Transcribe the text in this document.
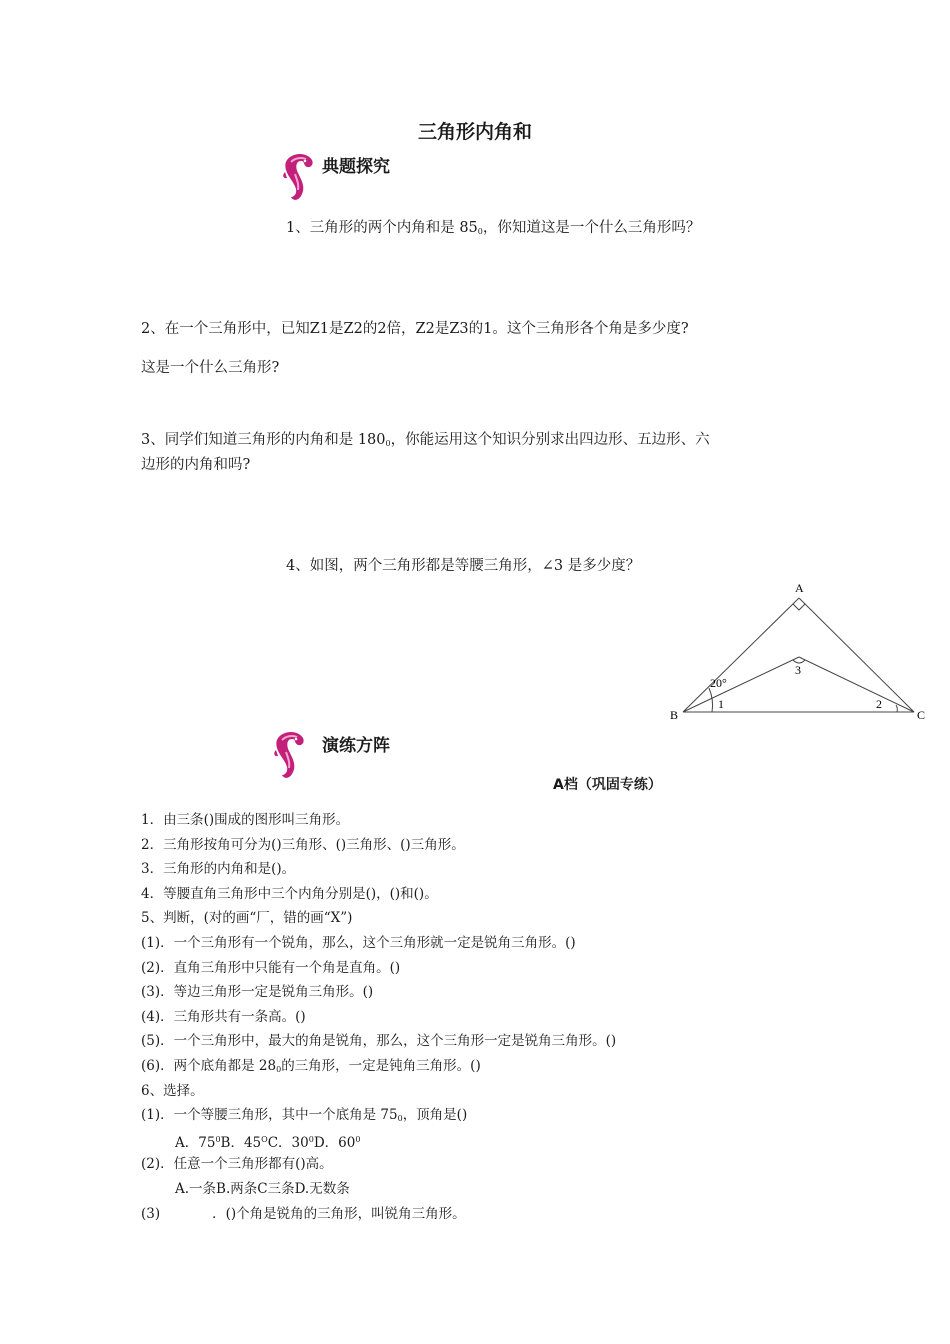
三角形内角和
典题探究
1、三角形的两个内角和是 850，你知道这是一个什么三角形吗？
2、在一个三角形中，已知Z1是Z2的2倍，Z2是Z3的1。这个三角形各个角是多少度?
这是一个什么三角形?
3、同学们知道三角形的内角和是 1800，你能运用这个知识分别求出四边形、五边形、六
边形的内角和吗?
4、如图，两个三角形都是等腰三角形，∠3 是多少度？
A
B	C
3
1	2
20°
演练方阵
A档（巩固专练）
1．由三条()围成的图形叫三角形。
2．三角形按角可分为()三角形、()三角形、()三角形。
3．三角形的内角和是()。
4．等腰直角三角形中三个内角分别是()，()和()。
5、判断，(对的画“厂，错的画“X”)
(1)．一个三角形有一个锐角，那么，这个三角形就一定是锐角三角形。()
(2)．直角三角形中只能有一个角是直角。()
(3)．等边三角形一定是锐角三角形。()
(4)．三角形共有一条高。()
(5)．一个三角形中，最大的角是锐角，那么，这个三角形一定是锐角三角形。()
(6)．两个底角都是 280的三角形，一定是钝角三角形。()
6、选择。
(1)．一个等腰三角形，其中一个底角是 750，顶角是()
A．$75^0B$．$45^OC$．$30^0D$．$60^0$
(2)．任意一个三角形都有()高。
A.一条B.两条C三条D.无数条
(3)	．()个角是锐角的三角形，叫锐角三角形。
